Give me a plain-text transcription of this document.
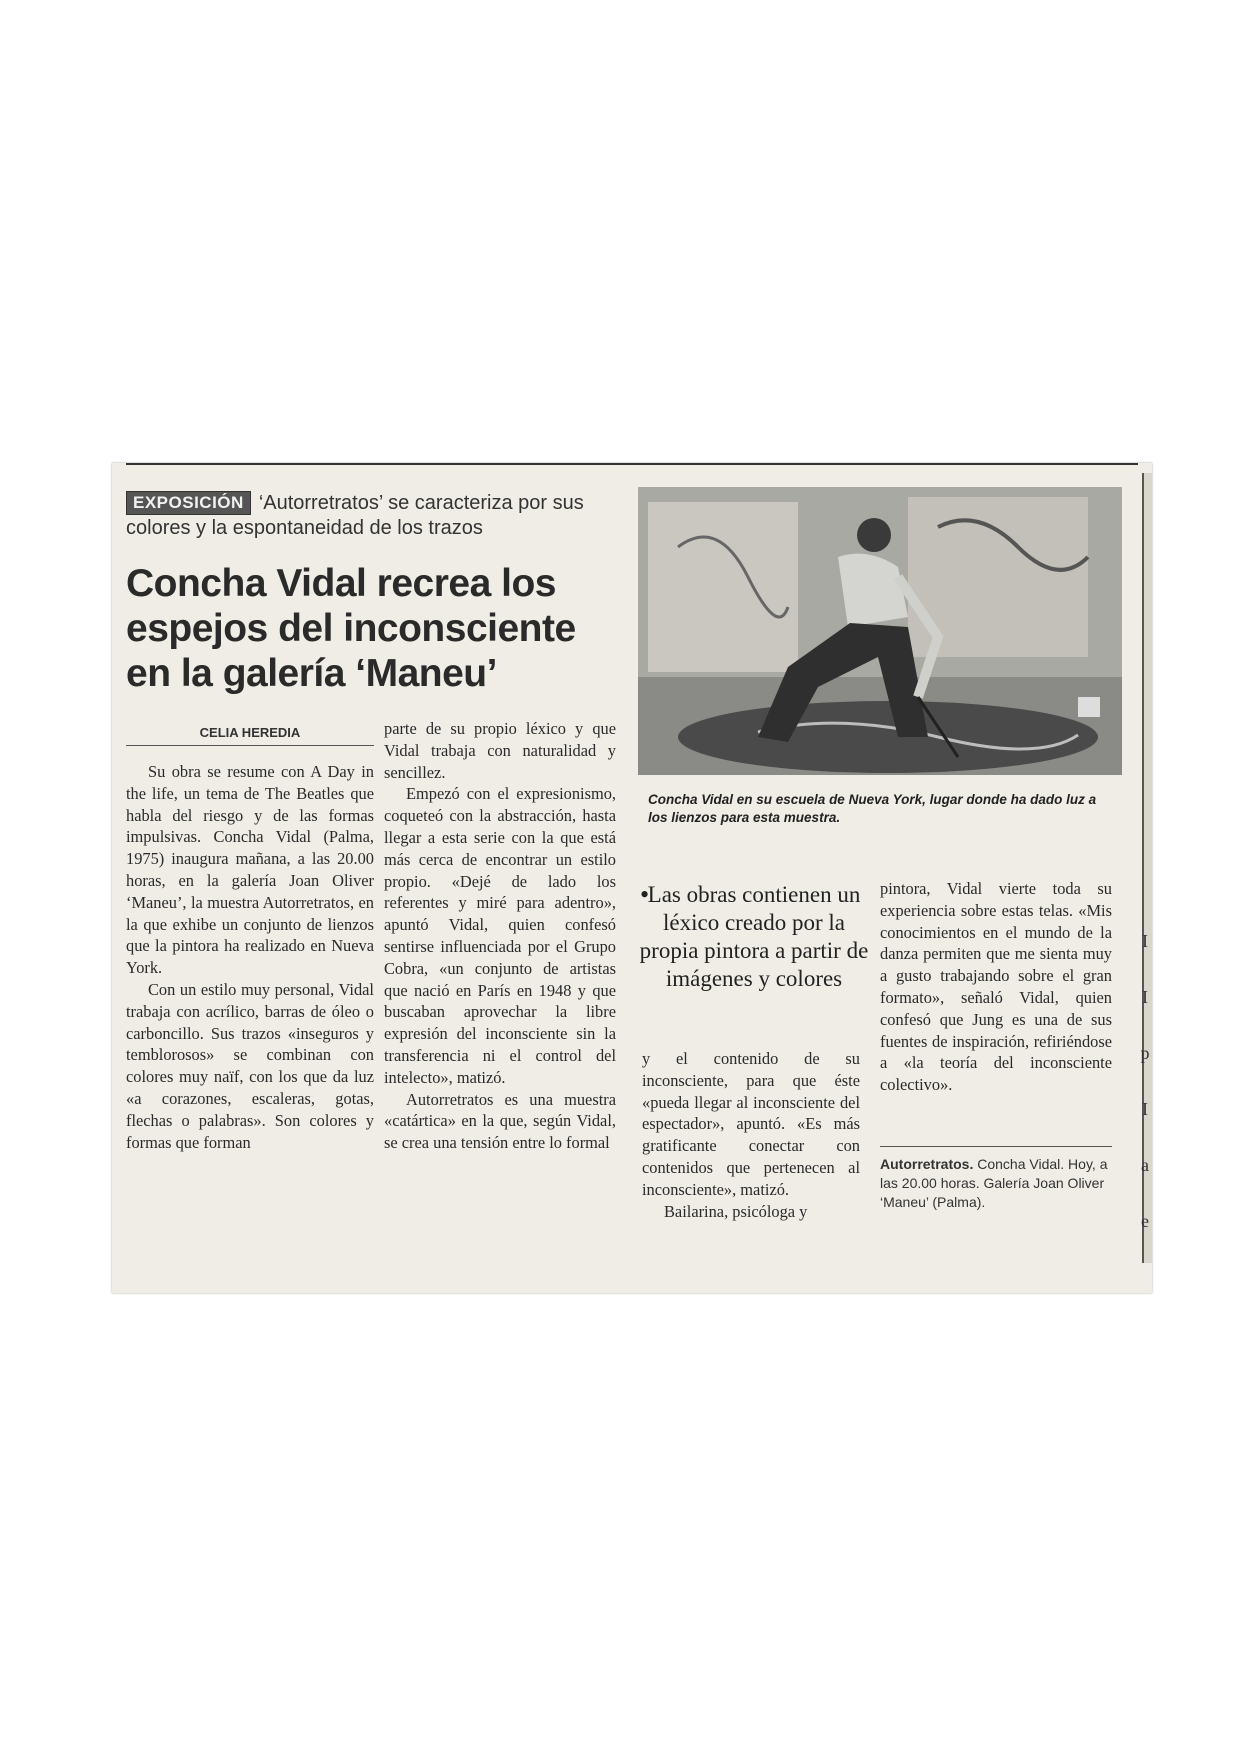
EXPOSICIÓN ‘Autorretratos’ se caracteriza por sus colores y la espontaneidad de los trazos
Concha Vidal recrea los espejos del inconsciente en la galería ‘Maneu’
CELIA HEREDIA

Su obra se resume con A Day in the life, un tema de The Beatles que habla del riesgo y de las formas impulsivas. Concha Vidal (Palma, 1975) inaugura mañana, a las 20.00 horas, en la galería Joan Oliver ‘Maneu’, la muestra Autorretratos, en la que exhibe un conjunto de lienzos que la pintora ha realizado en Nueva York.

Con un estilo muy personal, Vidal trabaja con acrílico, barras de óleo o carboncillo. Sus trazos «inseguros y temblorosos» se combinan con colores muy naïf, con los que da luz «a corazones, escaleras, gotas, flechas o palabras». Son colores y formas que forman

parte de su propio léxico y que Vidal trabaja con naturalidad y sencillez.

Empezó con el expresionismo, coqueteó con la abstracción, hasta llegar a esta serie con la que está más cerca de encontrar un estilo propio. «Dejé de lado los referentes y miré para adentro», apuntó Vidal, quien confesó sentirse influenciada por el Grupo Cobra, «un conjunto de artistas que nació en París en 1948 y que buscaban aprovechar la libre expresión del inconsciente sin la transferencia ni el control del intelecto», matizó.

Autorretratos es una muestra «catártica» en la que, según Vidal, se crea una tensión entre lo formal

Concha Vidal en su escuela de Nueva York, lugar donde ha dado luz a los lienzos para esta muestra.
•
Las obras contienen un léxico creado por la propia pintora a partir de imágenes y colores

y el contenido de su inconsciente, para que éste «pueda llegar al inconsciente del espectador», apuntó. «Es más gratificante conectar con contenidos que pertenecen al inconsciente», matizó.

Bailarina, psicóloga y

pintora, Vidal vierte toda su experiencia sobre estas telas. «Mis conocimientos en el mundo de la danza permiten que me sienta muy a gusto trabajando sobre el gran formato», señaló Vidal, quien confesó que Jung es una de sus fuentes de inspiración, refiriéndose a «la teoría del inconsciente colectivo».

Autorretratos. Concha Vidal. Hoy, a las 20.00 horas. Galería Joan Oliver ‘Maneu’ (Palma).
I
I
p
I
a
e
